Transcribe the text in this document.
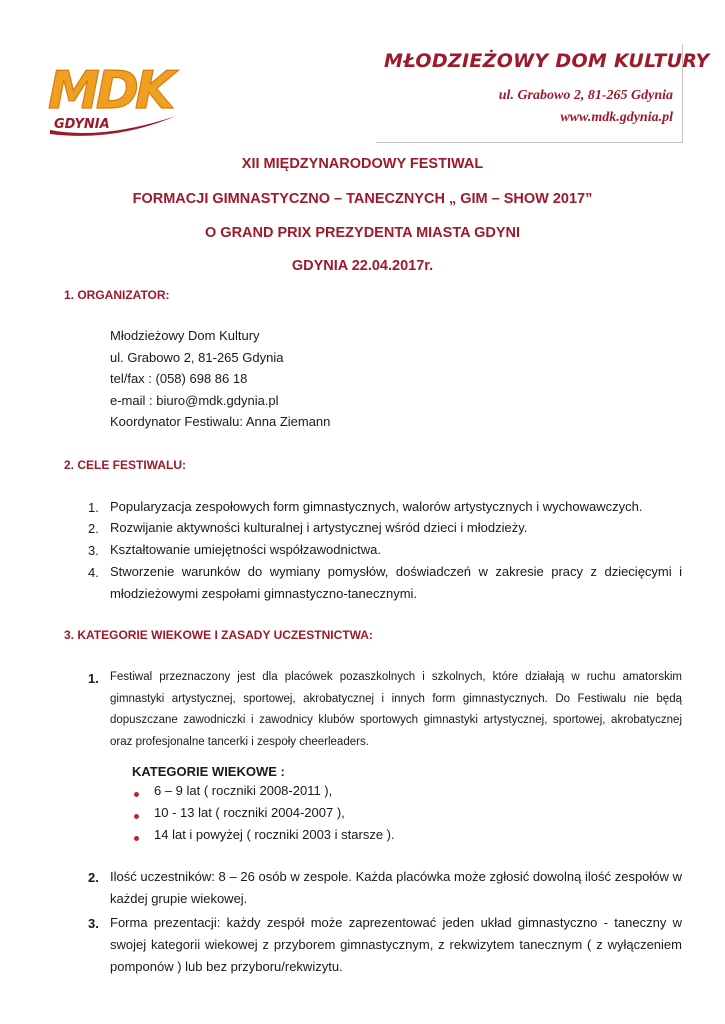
MDK
GDYNIA
MŁODZIEŻOWY DOM KULTURY
ul. Grabowo 2, 81-265 Gdynia
www.mdk.gdynia.pl
XII MIĘDZYNARODOWY FESTIWAL
FORMACJI GIMNASTYCZNO – TANECZNYCH „ GIM – SHOW 2017”
O GRAND PRIX PREZYDENTA MIASTA GDYNI
GDYNIA 22.04.2017r.
1. ORGANIZATOR:
Młodzieżowy Dom Kultury
ul. Grabowo 2, 81-265 Gdynia
tel/fax : (058) 698 86 18
e-mail : biuro@mdk.gdynia.pl
Koordynator Festiwalu: Anna Ziemann
2. CELE FESTIWALU:
1. Popularyzacja zespołowych form gimnastycznych, walorów artystycznych i wychowawczych.
2. Rozwijanie aktywności kulturalnej i artystycznej wśród dzieci i młodzieży.
3. Kształtowanie umiejętności współzawodnictwa.
4. Stworzenie warunków do wymiany pomysłów, doświadczeń w zakresie pracy z dziecięcymi i młodzieżowymi zespołami gimnastyczno-tanecznymi.
3. KATEGORIE WIEKOWE I ZASADY UCZESTNICTWA:
1. Festiwal przeznaczony jest dla placówek pozaszkolnych i szkolnych, które działają w ruchu amatorskim gimnastyki artystycznej, sportowej, akrobatycznej i innych form gimnastycznych. Do Festiwalu nie będą dopuszczane zawodniczki i zawodnicy klubów sportowych gimnastyki artystycznej, sportowej, akrobatycznej oraz profesjonalne tancerki i zespoły cheerleaders.
KATEGORIE WIEKOWE :
6 – 9 lat ( roczniki 2008-2011 ),
10 - 13 lat ( roczniki 2004-2007 ),
14 lat i powyżej ( roczniki 2003 i starsze ).
2. Ilość uczestników: 8 – 26 osób w zespole. Każda placówka może zgłosić dowolną ilość zespołów w każdej grupie wiekowej.
3. Forma prezentacji: każdy zespół może zaprezentować jeden układ gimnastyczno - taneczny w swojej kategorii wiekowej z przyborem gimnastycznym, z rekwizytem tanecznym ( z wyłączeniem pomponów ) lub bez przyboru/rekwizytu.
